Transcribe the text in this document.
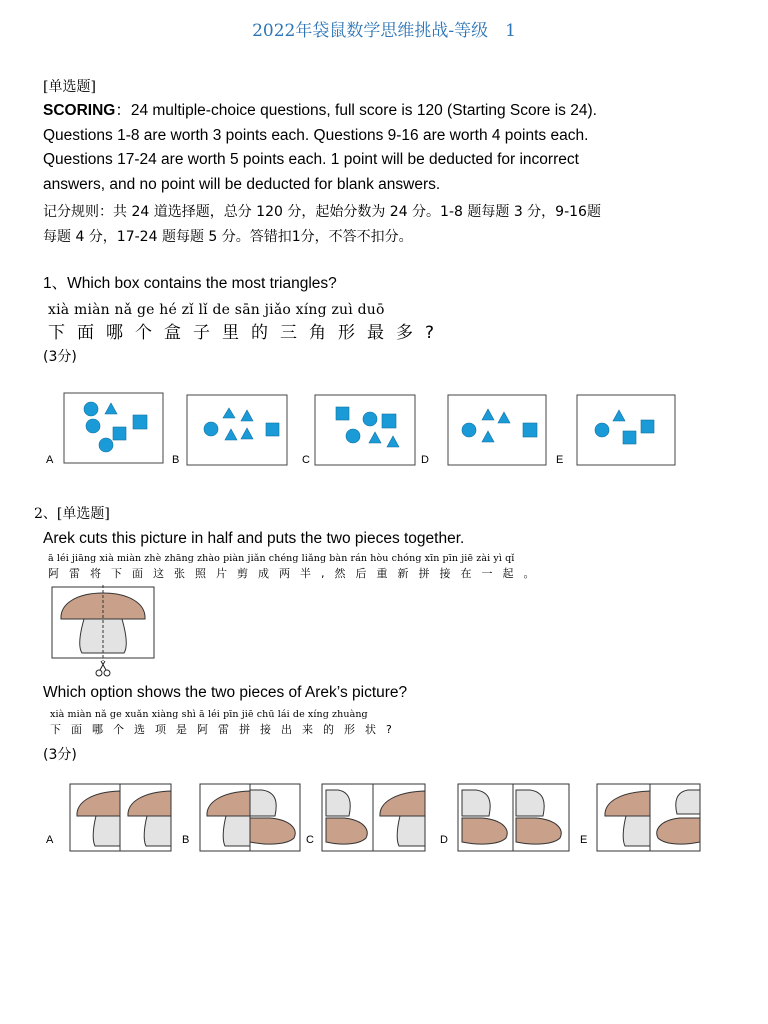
2022年袋鼠数学思维挑战-等级　1
[单选题]
SCORING：24 multiple-choice questions, full score is 120 (Starting Score is 24).
Questions 1-8 are worth 3 points each. Questions 9-16 are worth 4 points each.
Questions 17-24 are worth 5 points each. 1 point will be deducted for incorrect
answers, and no point will be deducted for blank answers.
记分规则：共 24 道选择题，总分 120 分，起始分数为 24 分。1-8 题每题 3 分，9-16题
每题 4 分，17-24 题每题 5 分。答错扣1分，不答不扣分。
1、Which box contains the most triangles?
xià miàn nǎ ge hé zǐ lǐ de sān jiǎo xíng zuì duō
下面哪个盒子里的三角形最多?
(3分)
A	B	C	D	E
2、[单选题]
Arek cuts this picture in half and puts the two pieces together.
ā léi jiāng xià miàn zhè zhāng zhào piàn jiǎn chéng liǎng bàn rán hòu chóng xīn pīn jiē zài yì qǐ
阿雷将下面这张照片剪成两半,然后重新拼接在一起。
Which option shows the two pieces of Arek’s picture?
xià miàn nǎ ge xuǎn xiàng shì ā léi pīn jiē chū lái de xíng zhuàng
下面哪个选项是阿雷拼接出来的形状?
(3分)
A	B	C	D	E
